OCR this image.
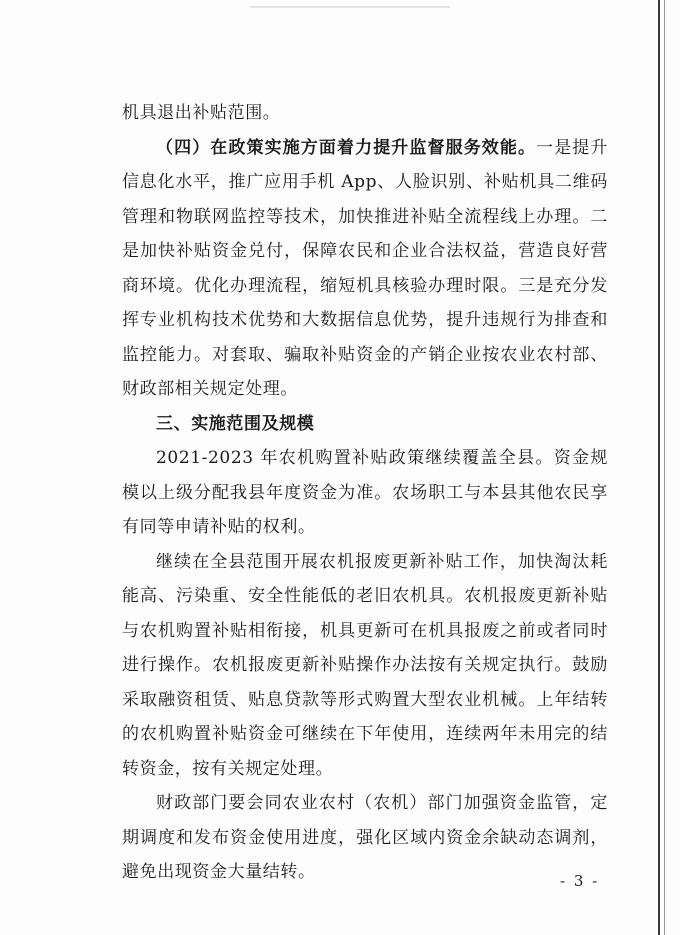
机具退出补贴范围。

（四）在政策实施方面着力提升监督服务效能。一是提升信息化水平，推广应用手机 App、人脸识别、补贴机具二维码管理和物联网监控等技术，加快推进补贴全流程线上办理。二是加快补贴资金兑付，保障农民和企业合法权益，营造良好营商环境。优化办理流程，缩短机具核验办理时限。三是充分发挥专业机构技术优势和大数据信息优势，提升违规行为排查和监控能力。对套取、骗取补贴资金的产销企业按农业农村部、财政部相关规定处理。

三、实施范围及规模

2021-2023 年农机购置补贴政策继续覆盖全县。资金规模以上级分配我县年度资金为准。农场职工与本县其他农民享有同等申请补贴的权利。

继续在全县范围开展农机报废更新补贴工作，加快淘汰耗能高、污染重、安全性能低的老旧农机具。农机报废更新补贴与农机购置补贴相衔接，机具更新可在机具报废之前或者同时进行操作。农机报废更新补贴操作办法按有关规定执行。鼓励采取融资租赁、贴息贷款等形式购置大型农业机械。上年结转的农机购置补贴资金可继续在下年使用，连续两年未用完的结转资金，按有关规定处理。

财政部门要会同农业农村（农机）部门加强资金监管，定期调度和发布资金使用进度，强化区域内资金余缺动态调剂，避免出现资金大量结转。	- 3 -
